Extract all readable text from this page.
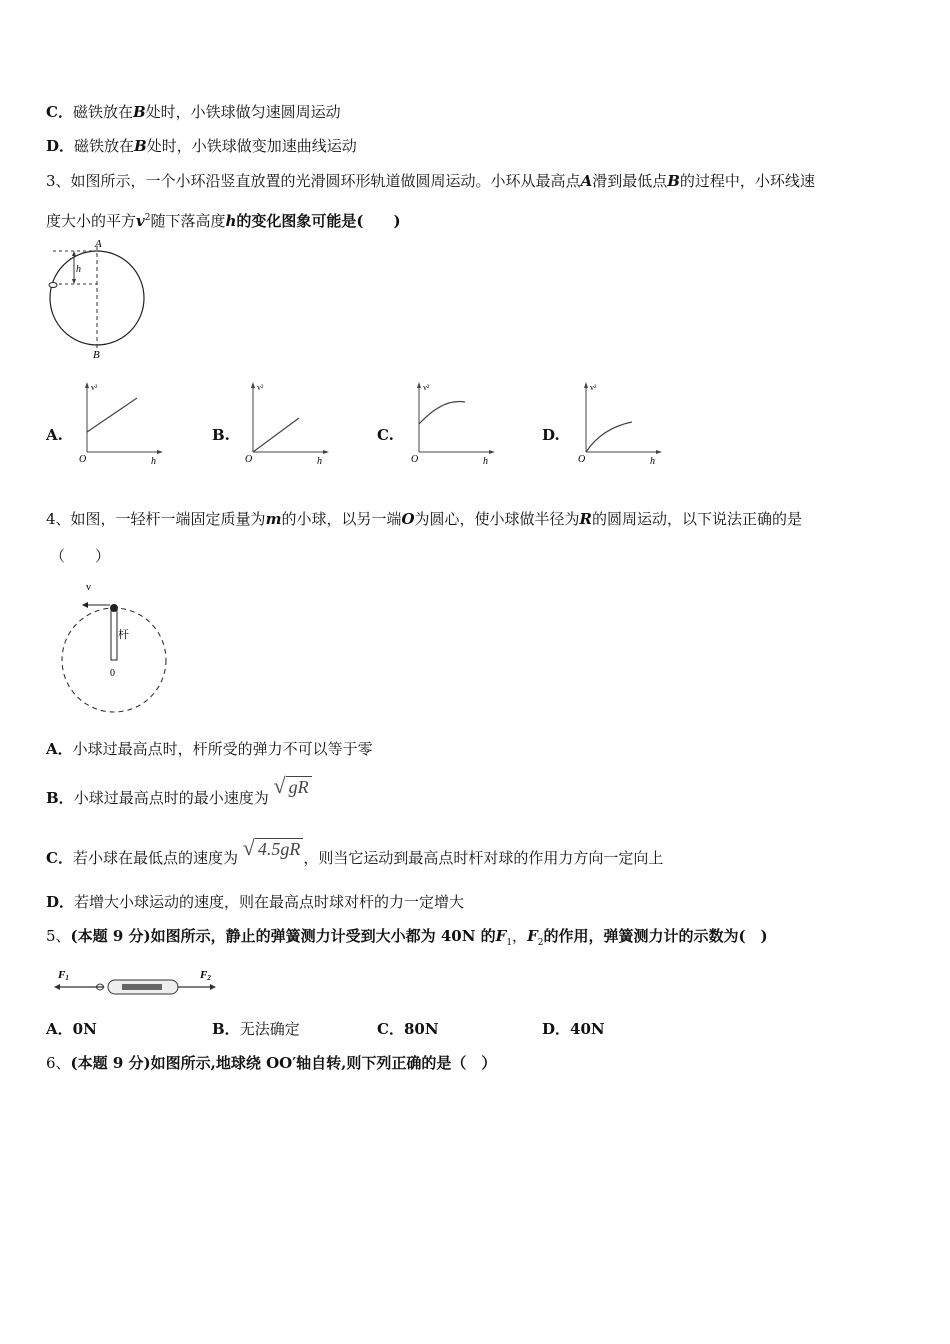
C．磁铁放在B处时，小铁球做匀速圆周运动
D．磁铁放在B处时，小铁球做变加速曲线运动
3、如图所示，一个小环沿竖直放置的光滑圆环形轨道做圆周运动。小环从最高点A滑到最低点B的过程中，小环线速
度大小的平方$v^2$随下落高度h的变化图象可能是(　　)
A
B
h
A.
v²
O	h
B.
v²
O	h
C.
v²
O	h
D.
v²
O	h
4、如图，一轻杆一端固定质量为m的小球，以另一端O为圆心，使小球做半径为R的圆周运动，以下说法正确的是
（　　）
v
杆
0
A．小球过最高点时，杆所受的弹力不可以等于零
B．小球过最高点时的最小速度为 √ gR
C．若小球在最低点的速度为 √ 4.5gR ，则当它运动到最高点时杆对球的作用力方向一定向上
D．若增大小球运动的速度，则在最高点时球对杆的力一定增大
5、(本题 9 分)如图所示，静止的弹簧测力计受到大小都为 40N 的$F_1$，$F_2$的作用，弹簧测力计的示数为(　)
F1	F2
A．0N	B．无法确定	C．80N	D．40N
6、(本题 9 分)如图所示,地球绕 OO′轴自转,则下列正确的是（　）
